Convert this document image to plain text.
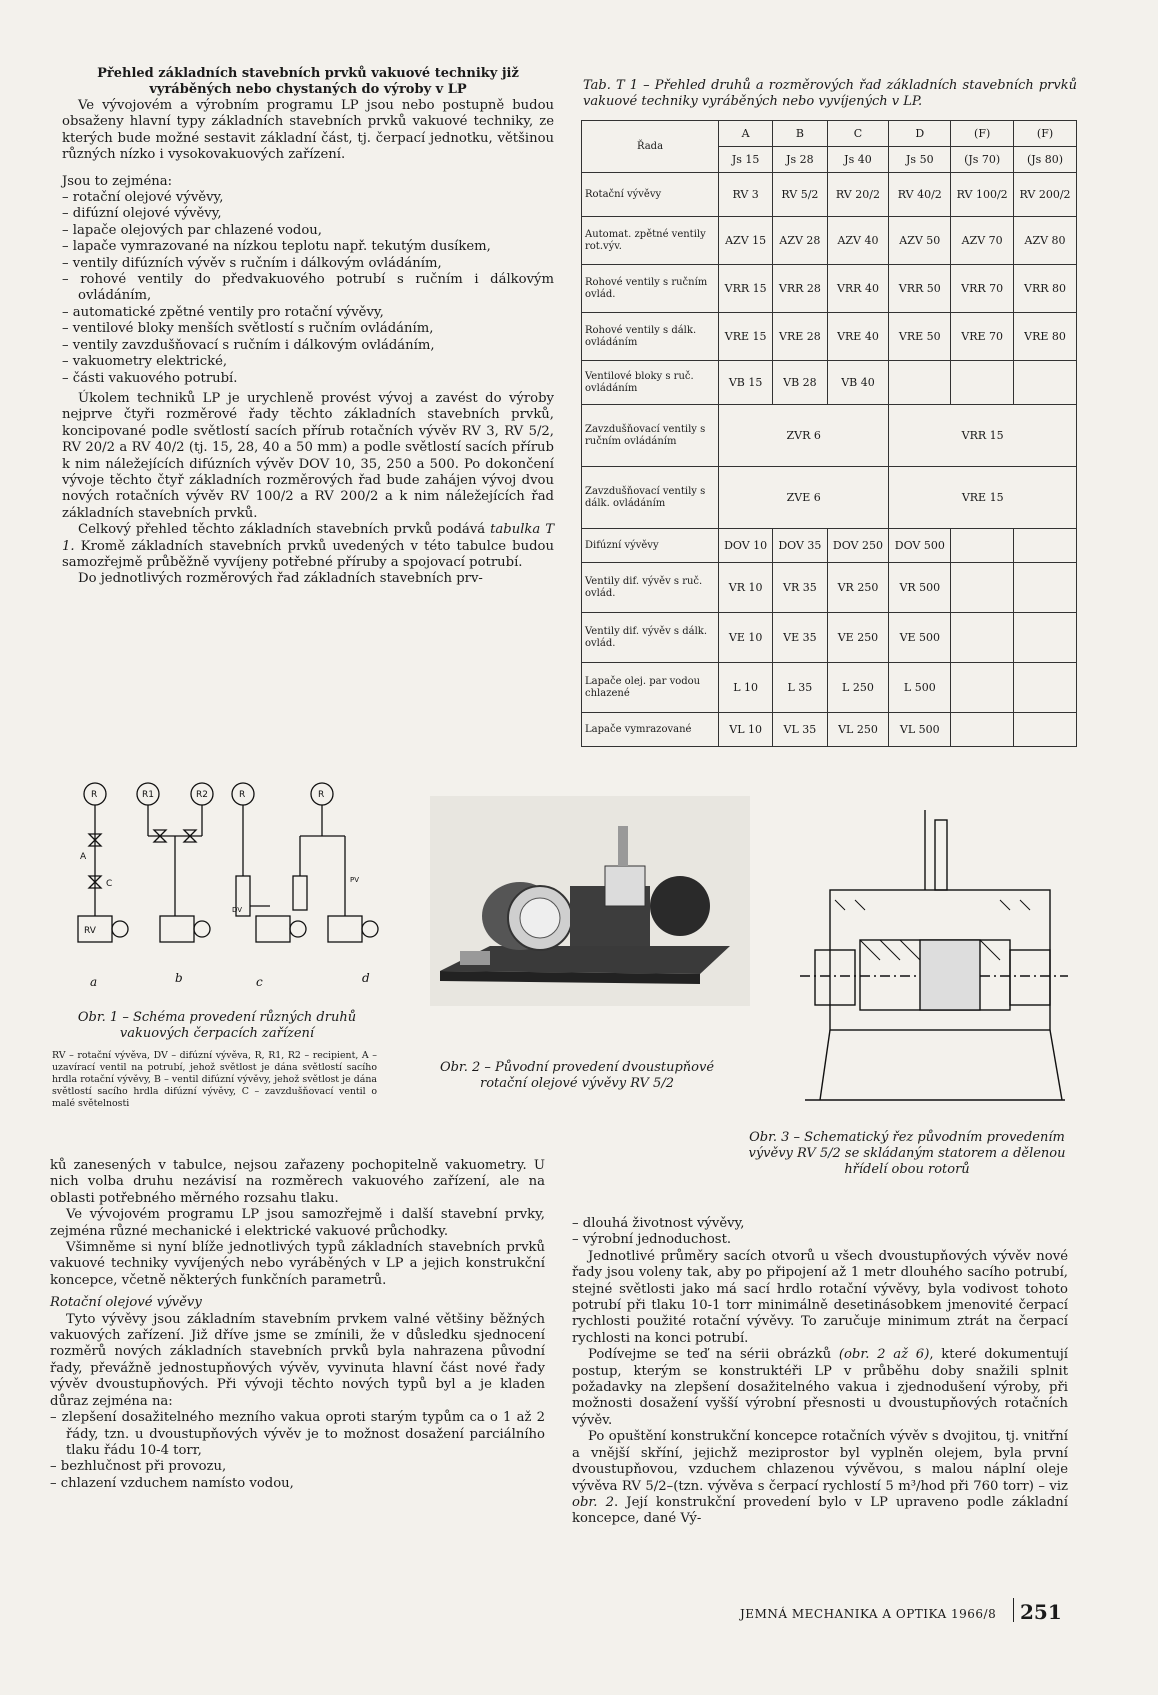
Přehled základních stavebních prvků vakuové techniky již vyráběných nebo chystaných do výroby v LP

Ve vývojovém a výrobním programu LP jsou nebo postupně budou obsaženy hlavní typy základních stavebních prvků vakuové techniky, ze kterých bude možné sestavit základní část, tj. čerpací jednotku, většinou různých nízko i vysokovakuových zařízení.

Jsou to zejména:

– rotační olejové vývěvy,
– difúzní olejové vývěvy,
– lapače olejových par chlazené vodou,
– lapače vymrazované na nízkou teplotu např. tekutým dusíkem,
– ventily difúzních vývěv s ručním i dálkovým ovládáním,
– rohové ventily do předvakuového potrubí s ručním i dálkovým ovládáním,
– automatické zpětné ventily pro rotační vývěvy,
– ventilové bloky menších světlostí s ručním ovládáním,
– ventily zavzdušňovací s ručním i dálkovým ovládáním,
– vakuometry elektrické,
– části vakuového potrubí.

Úkolem techniků LP je urychleně provést vývoj a zavést do výroby nejprve čtyři rozměrové řady těchto základních stavebních prvků, koncipované podle světlostí sacích přírub rotačních vývěv RV 3, RV 5/2, RV 20/2 a RV 40/2 (tj. 15, 28, 40 a 50 mm) a podle světlostí sacích přírub k nim náležejících difúzních vývěv DOV 10, 35, 250 a 500. Po dokončení vývoje těchto čtyř základních rozměrových řad bude zahájen vývoj dvou nových rotačních vývěv RV 100/2 a RV 200/2 a k nim náležejících řad základních stavebních prvků.

Celkový přehled těchto základních stavebních prvků podává tabulka T 1. Kromě základních stavebních prvků uvedených v této tabulce budou samozřejmě průběžně vyvíjeny potřebné příruby a spojovací potrubí.

Do jednotlivých rozměrových řad základních stavebních prv-

Tab. T 1 – Přehled druhů a rozměrových řad základních stavebních prvků vakuové techniky vyráběných nebo vyvíjených v LP.
Řada	A	B	C	D	(F)	(F)
	Js 15	Js 28	Js 40	Js 50	(Js 70)	(Js 80)
Rotační vývěvy	RV 3	RV 5/2	RV 20/2	RV 40/2	RV 100/2	RV 200/2
Automat. zpětné ventily rot.výv.	AZV 15	AZV 28	AZV 40	AZV 50	AZV 70	AZV 80
Rohové ventily s ručním ovlád.	VRR 15	VRR 28	VRR 40	VRR 50	VRR 70	VRR 80
Rohové ventily s dálk. ovládáním	VRE 15	VRE 28	VRE 40	VRE 50	VRE 70	VRE 80
Ventilové bloky s ruč. ovládáním	VB 15	VB 28	VB 40			
Zavzdušňovací ventily s ručním ovládáním	ZVR 6			VRR 15		
Zavzdušňovací ventily s dálk. ovládáním	ZVE 6			VRE 15		
Difúzní vývěvy	DOV 10	DOV 35	DOV 250	DOV 500		
Ventily dif. vývěv s ruč. ovlád.	VR 10	VR 35	VR 250	VR 500		
Ventily dif. vývěv s dálk. ovlád.	VE 10	VE 35	VE 250	VE 500		
Lapače olej. par vodou chlazené	L 10	L 35	L 250	L 500		
Lapače vymrazované	VL 10	VL 35	VL 250	VL 500		
R
A
C
RV
R1	R2	R
DV
R
PV
a	b	c	d
Obr. 1 – Schéma provedení různých druhů vakuových čerpacích zařízení
RV – rotační vývěva, DV – difúzní vývěva, R, R1, R2 – recipient, A – uzavírací ventil na potrubí, jehož světlost je dána světlostí sacího hrdla rotační vývěvy, B – ventil difúzní vývěvy, jehož světlost je dána světlostí sacího hrdla difúzní vývěvy, C – zavzdušňovací ventil o malé světelnosti
Obr. 2 – Původní provedení dvoustupňové rotační olejové vývěvy RV 5/2
Obr. 3 – Schematický řez původním provedením vývěvy RV 5/2 se skládaným statorem a dělenou hřídelí obou rotorů

ků zanesených v tabulce, nejsou zařazeny pochopitelně vakuometry. U nich volba druhu nezávisí na rozměrech vakuového zařízení, ale na oblasti potřebného měrného rozsahu tlaku.

Ve vývojovém programu LP jsou samozřejmě i další stavební prvky, zejména různé mechanické i elektrické vakuové průchodky.

Všimněme si nyní blíže jednotlivých typů základních stavebních prvků vakuové techniky vyvíjených nebo vyráběných v LP a jejich konstrukční koncepce, včetně některých funkčních parametrů.

Rotační olejové vývěvy

Tyto vývěvy jsou základním stavebním prvkem valné většiny běžných vakuových zařízení. Již dříve jsme se zmínili, že v důsledku sjednocení rozměrů nových základních stavebních prvků byla nahrazena původní řady, převážně jednostupňových vývěv, vyvinuta hlavní část nové řady vývěv dvoustupňových. Při vývoji těchto nových typů byl a je kladen důraz zejména na:

– zlepšení dosažitelného mezního vakua oproti starým typům ca o 1 až 2 řády, tzn. u dvoustupňových vývěv je to možnost dosažení parciálního tlaku řádu 10-4 torr,
– bezhlučnost při provozu,
– chlazení vzduchem namísto vodou,
– dlouhá životnost vývěvy,
– výrobní jednoduchost.

Jednotlivé průměry sacích otvorů u všech dvoustupňových vývěv nové řady jsou voleny tak, aby po připojení až 1 metr dlouhého sacího potrubí, stejné světlosti jako má sací hrdlo rotační vývěvy, byla vodivost tohoto potrubí při tlaku 10-1 torr minimálně desetinásobkem jmenovité čerpací rychlosti použité rotační vývěvy. To zaručuje minimum ztrát na čerpací rychlosti na konci potrubí.

Podívejme se teď na sérii obrázků (obr. 2 až 6), které dokumentují postup, kterým se konstruktéři LP v průběhu doby snažili splnit požadavky na zlepšení dosažitelného vakua i zjednodušení výroby, při možnosti dosažení vyšší výrobní přesnosti u dvoustupňových rotačních vývěv.

Po opuštění konstrukční koncepce rotačních vývěv s dvojitou, tj. vnitřní a vnější skříní, jejichž meziprostor byl vyplněn olejem, byla první dvoustupňovou, vzduchem chlazenou vývěvou, s malou náplní oleje vývěva RV 5/2–(tzn. vývěva s čerpací rychlostí 5 m³/hod při 760 torr) – viz obr. 2. Její konstrukční provedení bylo v LP upraveno podle základní koncepce, dané Vý-

JEMNÁ MECHANIKA A OPTIKA 1966/8 251
